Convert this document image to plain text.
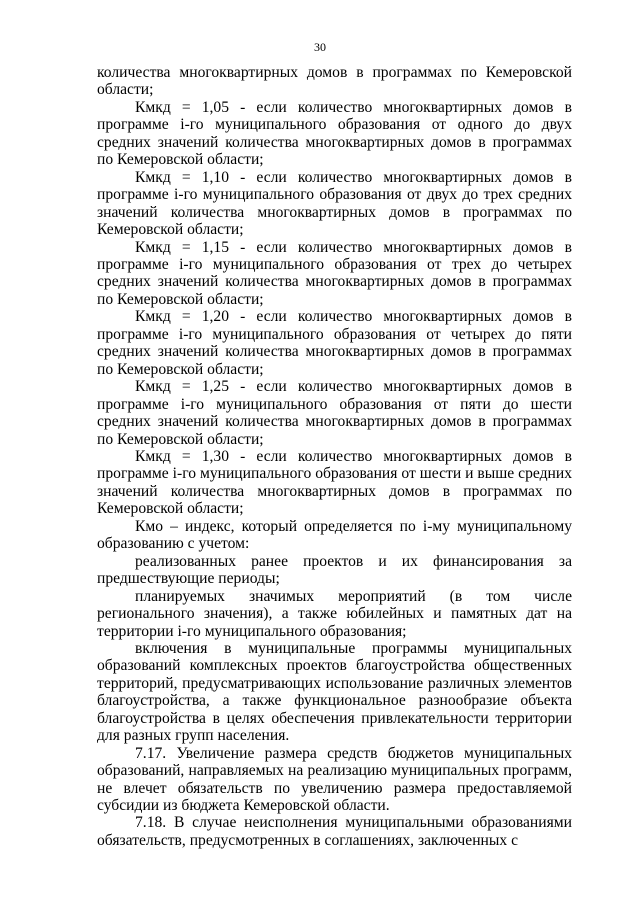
30

количества многоквартирных домов в программах по Кемеровской области;

Кмкд = 1,05 - если количество многоквартирных домов в программе i-го муниципального образования от одного до двух средних значений количества многоквартирных домов в программах по Кемеровской области;

Кмкд = 1,10 - если количество многоквартирных домов в программе i-го муниципального образования от двух до трех средних значений количества многоквартирных домов в программах по Кемеровской области;

Кмкд = 1,15 - если количество многоквартирных домов в программе i-го муниципального образования от трех до четырех средних значений количества многоквартирных домов в программах по Кемеровской области;

Кмкд = 1,20 - если количество многоквартирных домов в программе i-го муниципального образования от четырех до пяти средних значений количества многоквартирных домов в программах по Кемеровской области;

Кмкд = 1,25 - если количество многоквартирных домов в программе i-го муниципального образования от пяти до шести средних значений количества многоквартирных домов в программах по Кемеровской области;

Кмкд = 1,30 - если количество многоквартирных домов в программе i-го муниципального образования от шести и выше средних значений количества многоквартирных домов в программах по Кемеровской области;

Кмо – индекс, который определяется по i-му муниципальному образованию с учетом:

реализованных ранее проектов и их финансирования за предшествующие периоды;

планируемых значимых мероприятий (в том числе регионального значения), а также юбилейных и памятных дат на территории i-го муниципального образования;

включения в муниципальные программы муниципальных образований комплексных проектов благоустройства общественных территорий, предусматривающих использование различных элементов благоустройства, а также функциональное разнообразие объекта благоустройства в целях обеспечения привлекательности территории для разных групп населения.

7.17. Увеличение размера средств бюджетов муниципальных образований, направляемых на реализацию муниципальных программ, не влечет обязательств по увеличению размера предоставляемой субсидии из бюджета Кемеровской области.

7.18. В случае неисполнения муниципальными образованиями обязательств, предусмотренных в соглашениях, заключенных с
